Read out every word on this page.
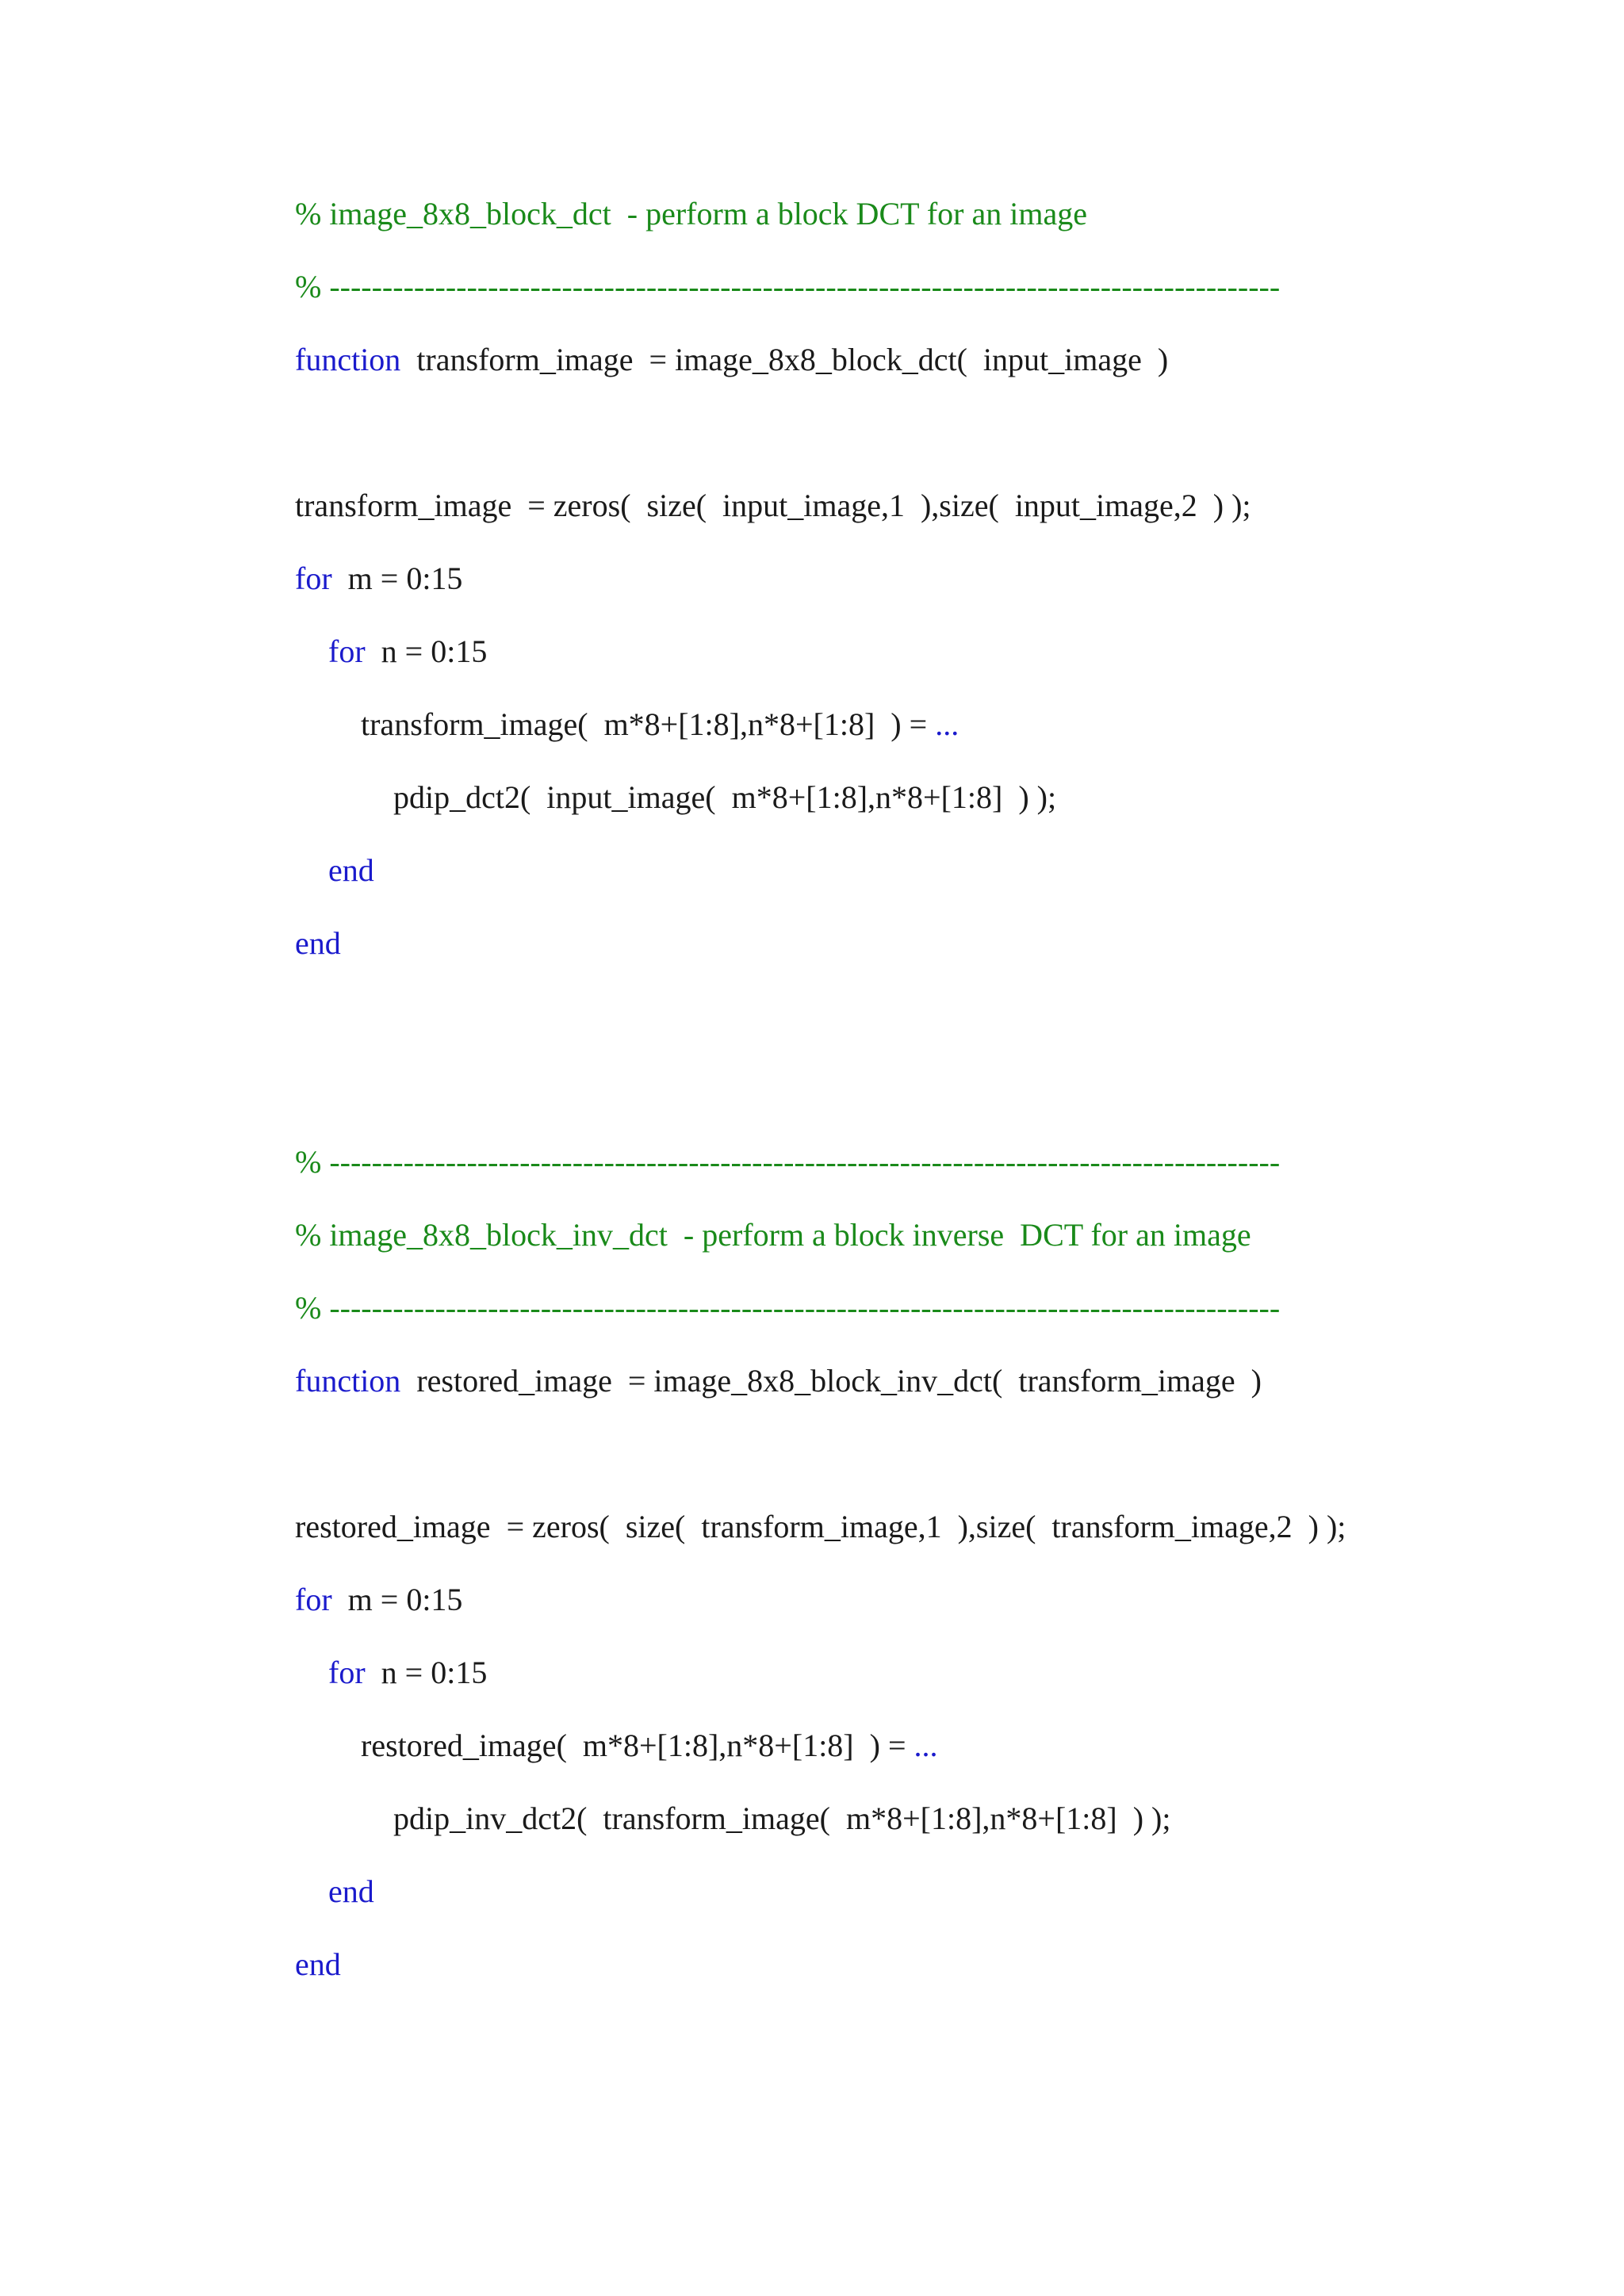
% image_8x8_block_dct  - perform a block DCT for an image
% ------------------------------------------------------------------------------------------
function  transform_image  = image_8x8_block_dct(  input_image  )
transform_image  = zeros(  size(  input_image,1  ),size(  input_image,2  ) );
for  m = 0:15
for  n = 0:15
transform_image(  m*8+[1:8],n*8+[1:8]  ) = ...
pdip_dct2(  input_image(  m*8+[1:8],n*8+[1:8]  ) );
end
end
% ------------------------------------------------------------------------------------------
% image_8x8_block_inv_dct  - perform a block inverse  DCT for an image
% ------------------------------------------------------------------------------------------
function  restored_image  = image_8x8_block_inv_dct(  transform_image  )
restored_image  = zeros(  size(  transform_image,1  ),size(  transform_image,2  ) );
for  m = 0:15
for  n = 0:15
restored_image(  m*8+[1:8],n*8+[1:8]  ) = ...
pdip_inv_dct2(  transform_image(  m*8+[1:8],n*8+[1:8]  ) );
end
end
